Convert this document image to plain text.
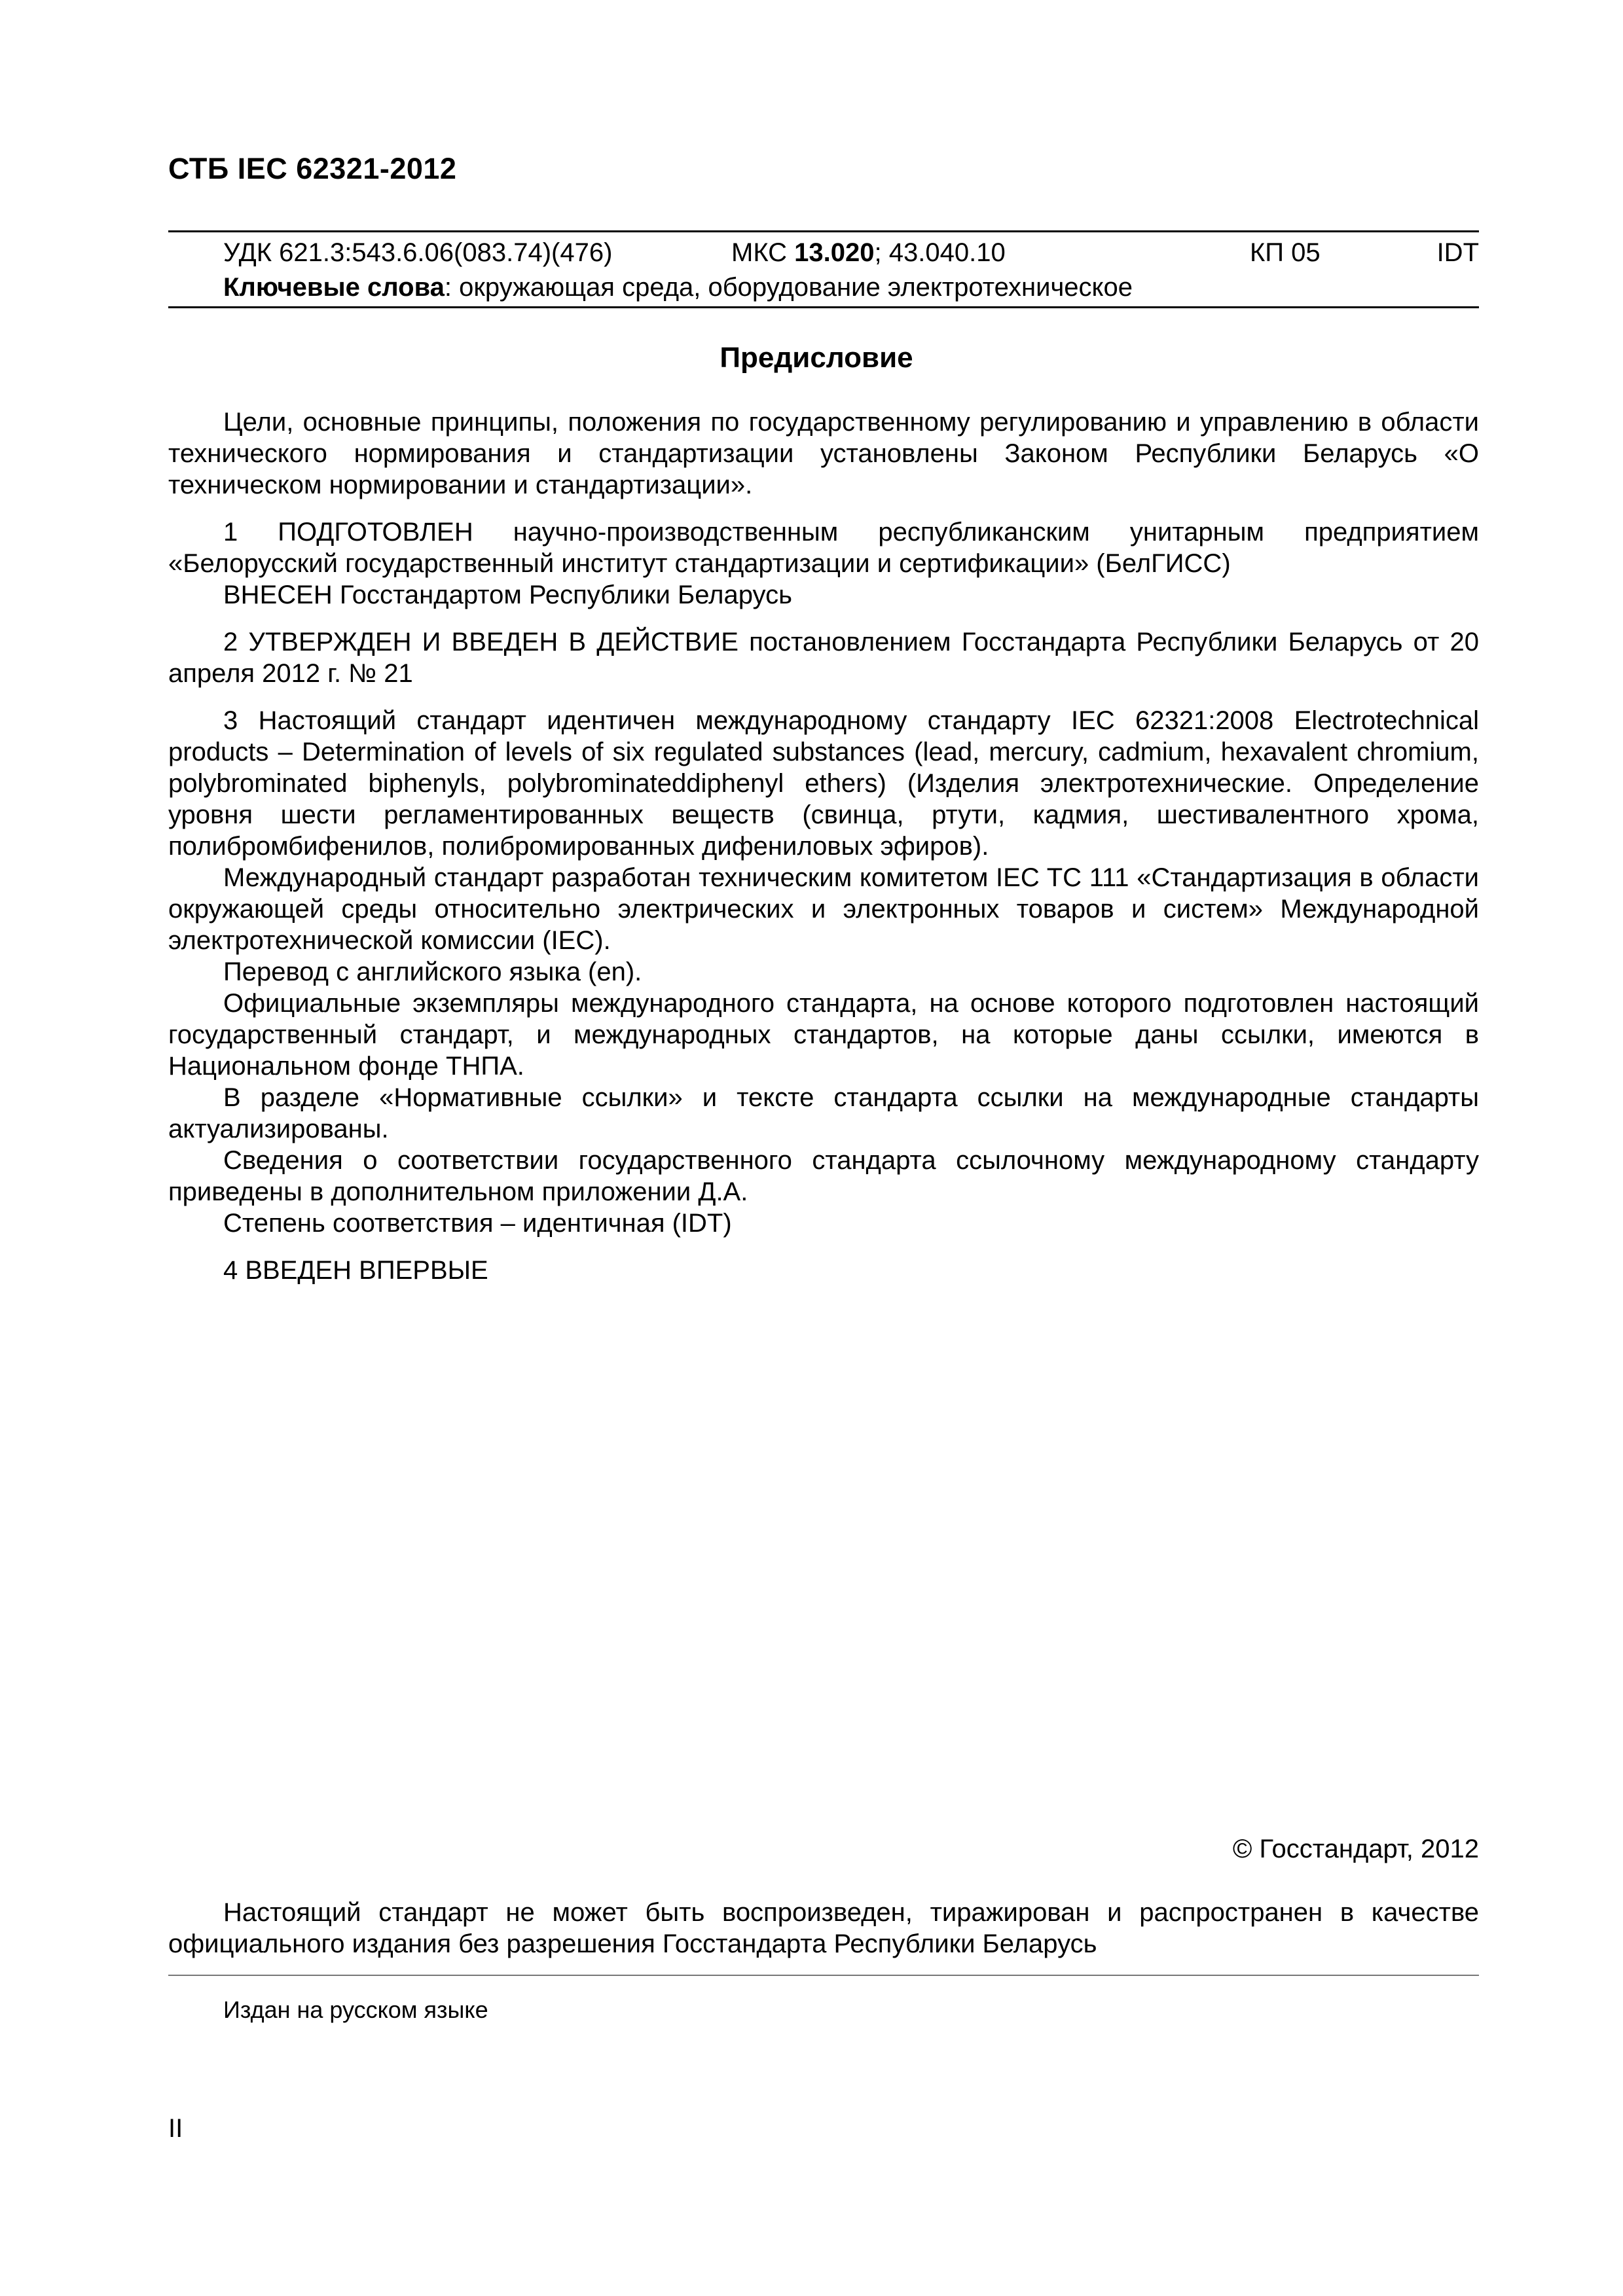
СТБ IEC 62321-2012
УДК 621.3:543.6.06(083.74)(476)	МКС 13.020; 43.040.10	КП 05	IDT
Ключевые слова: окружающая среда, оборудование электротехническое
Предисловие

Цели, основные принципы, положения по государственному регулированию и управлению в области технического нормирования и стандартизации установлены Законом Республики Беларусь «О техническом нормировании и стандартизации».

1 ПОДГОТОВЛЕН научно-производственным республиканским унитарным предприятием «Белорусский государственный институт стандартизации и сертификации» (БелГИСС)

ВНЕСЕН Госстандартом Республики Беларусь

2 УТВЕРЖДЕН И ВВЕДЕН В ДЕЙСТВИЕ постановлением Госстандарта Республики Беларусь от 20 апреля 2012 г. № 21

3 Настоящий стандарт идентичен международному стандарту IEC 62321:2008 Electrotechnical products – Determination of levels of six regulated substances (lead, mercury, cadmium, hexavalent chromium, polybrominated biphenyls, polybrominateddiphenyl ethers) (Изделия электротехнические. Определение уровня шести регламентированных веществ (свинца, ртути, кадмия, шестивалентного хрома, полибромбифенилов, полибромированных дифениловых эфиров).

Международный стандарт разработан техническим комитетом IEC TC 111 «Стандартизация в области окружающей среды относительно электрических и электронных товаров и систем» Международной электротехнической комиссии (IEC).

Перевод с английского языка (en).

Официальные экземпляры международного стандарта, на основе которого подготовлен настоящий государственный стандарт, и международных стандартов, на которые даны ссылки, имеются в Национальном фонде ТНПА.

В разделе «Нормативные ссылки» и тексте стандарта ссылки на международные стандарты актуализированы.

Сведения о соответствии государственного стандарта ссылочному международному стандарту приведены в дополнительном приложении Д.А.

Степень соответствия – идентичная (IDT)

4 ВВЕДЕН ВПЕРВЫЕ

© Госстандарт, 2012

Настоящий стандарт не может быть воспроизведен, тиражирован и распространен в качестве официального издания без разрешения Госстандарта Республики Беларусь

Издан на русском языке
II
